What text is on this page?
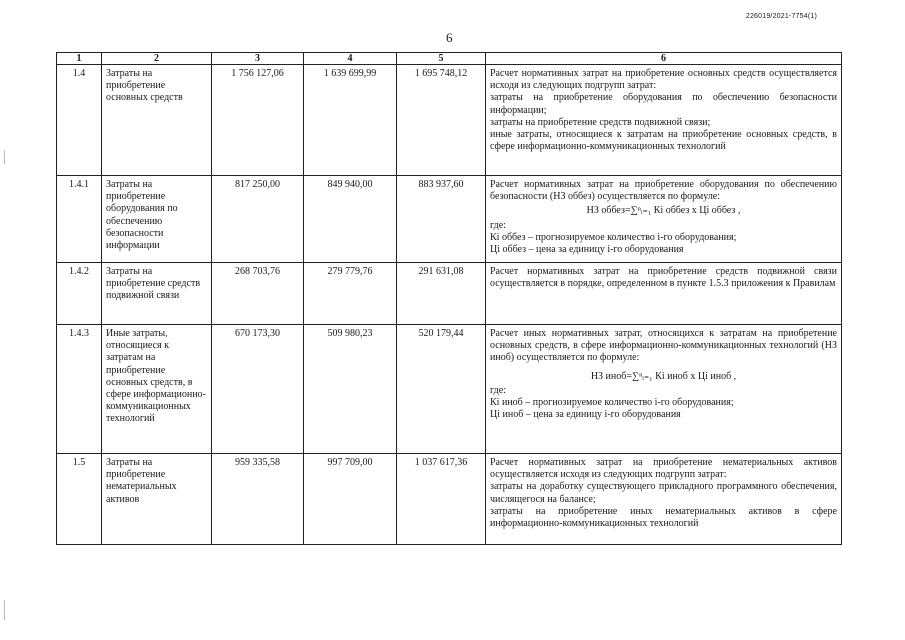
226019/2021-7754(1)
6
1	2	3	4	5	6
1.4	Затраты на приобретение основных средств	1 756 127,06	1 639 699,99	1 695 748,12	Расчет нормативных затрат на приобретение основных средств осуществляется исходя из следующих подгрупп затрат:
затраты на приобретение оборудования по обеспечению безопасности информации;
затраты на приобретение средств подвижной связи;
иные затраты, относящиеся к затратам на приобретение основных средств, в сфере информационно-коммуникационных технологий

1.4.1	Затраты на приобретение оборудования по обеспечению безопасности информации	817 250,00	849 940,00	883 937,60	Расчет нормативных затрат на приобретение оборудования по обеспечению безопасности (НЗ оббез) осуществляется по формуле:
НЗ оббез=∑ⁿᵢ₌₁ Кі оббез х Ці оббез ,
где:
Кі оббез – прогнозируемое количество і-го оборудования;
Ці оббез – цена за единицу і-го оборудования

1.4.2	Затраты на приобретение средств подвижной связи	268 703,76	279 779,76	291 631,08	Расчет нормативных затрат на приобретение средств подвижной связи осуществляется в порядке, определенном в пункте 1.5.3 приложения к Правилам

1.4.3	Иные затраты, относящиеся к затратам на приобретение основных средств, в сфере информационно-коммуникационных технологий	670 173,30	509 980,23	520 179,44	Расчет иных нормативных затрат, относящихся к затратам на приобретение основных средств, в сфере информационно-коммуникационных технологий (НЗ иноб) осуществляется по формуле:
НЗ иноб=∑ⁿᵢ₌₁ Кі иноб х Ці иноб ,
где:
Кі иноб – прогнозируемое количество і-го оборудования;
Ці иноб – цена за единицу і-го оборудования

1.5	Затраты на приобретение нематериальных активов	959 335,58	997 709,00	1 037 617,36	Расчет нормативных затрат на приобретение нематериальных активов осуществляется исходя из следующих подгрупп затрат:
затраты на доработку существующего прикладного программного обеспечения, числящегося на балансе;
затраты на приобретение иных нематериальных активов в сфере информационно-коммуникационных технологий
